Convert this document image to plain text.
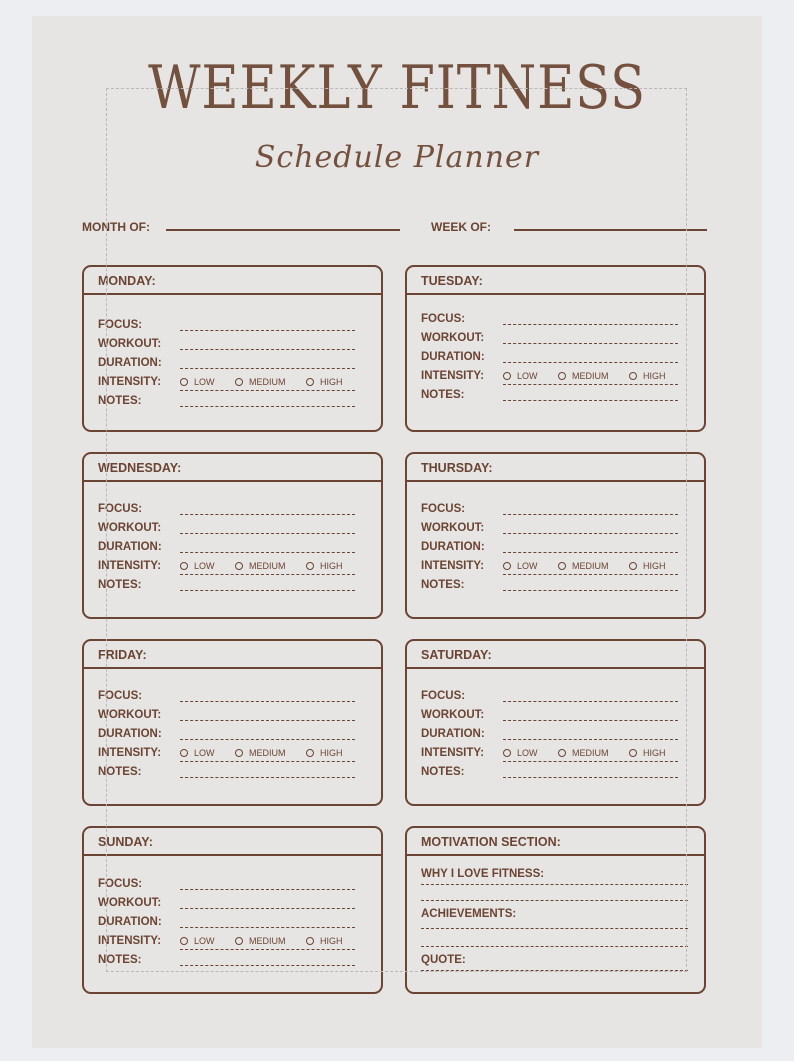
WEEKLY FITNESS
Schedule Planner
MONTH OF:	WEEK OF:
MONDAY:
FOCUS:
WORKOUT:
DURATION:
INTENSITY:	LOW	MEDIUM	HIGH
NOTES:
TUESDAY:
FOCUS:
WORKOUT:
DURATION:
INTENSITY:	LOW	MEDIUM	HIGH
NOTES:
WEDNESDAY:
FOCUS:
WORKOUT:
DURATION:
INTENSITY:	LOW	MEDIUM	HIGH
NOTES:
THURSDAY:
FOCUS:
WORKOUT:
DURATION:
INTENSITY:	LOW	MEDIUM	HIGH
NOTES:
FRIDAY:
FOCUS:
WORKOUT:
DURATION:
INTENSITY:	LOW	MEDIUM	HIGH
NOTES:
SATURDAY:
FOCUS:
WORKOUT:
DURATION:
INTENSITY:	LOW	MEDIUM	HIGH
NOTES:
SUNDAY:
FOCUS:
WORKOUT:
DURATION:
INTENSITY:	LOW	MEDIUM	HIGH
NOTES:
MOTIVATION SECTION:
WHY I LOVE FITNESS:
ACHIEVEMENTS:
QUOTE:
